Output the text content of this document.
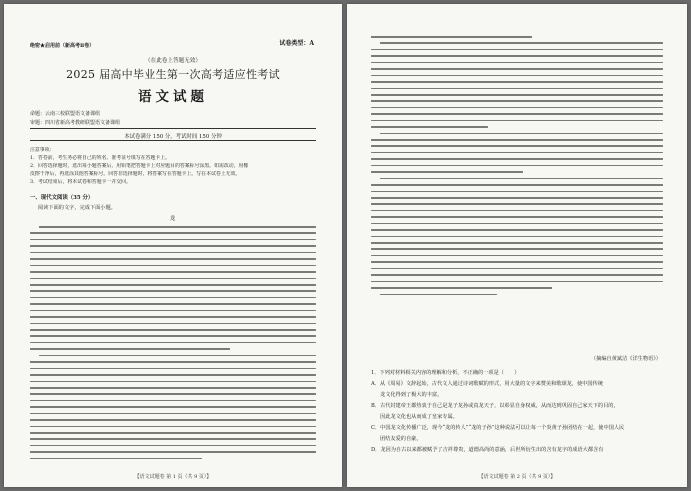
绝密★启用前（新高考Ⅱ卷）	试卷类型：A
（在此卷上答题无效）
2025 届高中毕业生第一次高考适应性考试
语文试题
命题：云南三校联盟语文备课组
审题：四川省新高考教研联盟语文备课组
本试卷满分 150 分，考试时间 150 分钟
注意事项：
1．答卷前，考生务必将自己的姓名、准考证号填写在答题卡上。
2．回答选择题时，选出每小题答案后，用铅笔把答题卡上对应题目的答案标号涂黑。如需改动，用橡
皮擦干净后，再选涂其他答案标号。回答非选择题时，将答案写在答题卡上。写在本试卷上无效。
3．考试结束后，将本试卷和答题卡一并交回。
一、现代文阅读（35 分）
阅读下面的文字，完成下面小题。
龙
【语文试题卷 第 1 页（共 9 页）】
（摘编自黄斌洁《洋生物语》）
1．下列对材料相关内容的理解和分析，不正确的一项是（　　）
A．从《周易》文辞起始，古代文人通过诗词歌赋的形式，用大量的文字来赞美和歌颂龙，使中国传统
龙文化得到了极大的丰富。
B．古代封建帝王都热衷于自己是龙子龙孙或真龙天子，以彰显自身权威，从而达到巩固自己家天下的目的，
因此龙文化也从而成了皇家专属。
C．中国龙文化传播广泛，现今“龙的传人”“龙的子孙”这种说法可以让每一个炎黄子孙团结在一起，使中国人民
团结友爱的自豪。
D．龙因为自古以来都被赋予了吉祥尊贵，道德高尚的意涵，后世所衍生出的含有龙字的成语大都含有
【语文试题卷 第 2 页（共 9 页）】
